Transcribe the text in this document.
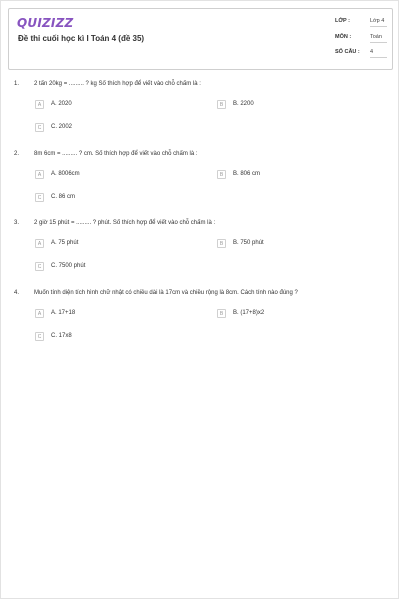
QUIZIZZ
Đề thi cuối học kì I Toán 4 (đề 35)
LỚP :	Lớp 4
MÔN :	Toán
SỐ CÂU : 4
1. 2 tấn 20kg = ......... ? kg Số thích hợp để viết vào chỗ chấm là :
A	A. 2020	B	B. 2200
C	C. 2002
2. 8m 6cm = ......... ? cm. Số thích hợp để viết vào chỗ chấm là :
A	A. 8006cm	B	B. 806 cm
C	C. 86 cm
3. 2 giờ 15 phút = ......... ? phút. Số thích hợp để viết vào chỗ chấm là :
A	A. 75 phút	B	B. 750 phút
C	C. 7500 phút
4. Muốn tính diện tích hình chữ nhật có chiều dài là 17cm và chiều rộng là 8cm. Cách tính nào đúng ?
A	A. 17+18	B	B. (17+8)x2
C	C. 17x8
